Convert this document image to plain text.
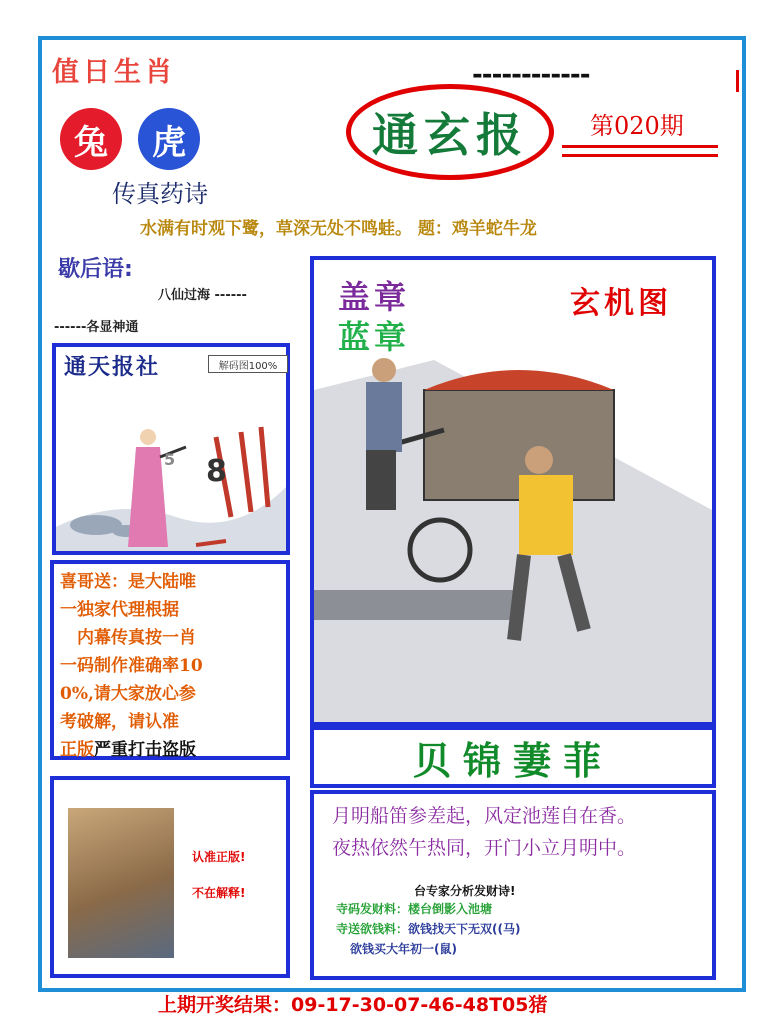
值日生肖	------------
兔	虎
传真药诗
通玄报	第020期
水满有时观下鹭，草深无处不鸣蛙。 题：鸡羊蛇牛龙
歇后语:
八仙过海 ------
------各显神通
通天报社	解码图100%
5 8
喜哥送：是大陆唯
一独家代理根据
　内幕传真按一肖
一码制作准确率10
0%,请大家放心参
考破解，请认准
正版严重打击盗版
认准正版!
不在解释!
盖章
蓝章
玄机图
贝锦萋菲
月明船笛参差起，风定池莲自在香。
夜热依然午热同，开门小立月明中。
台专家分析发财诗!
寺码发财料：楼台倒影入池塘
寺送欲钱料：欲钱找天下无双((马)
欲钱买大年初一(鼠)
上期开奖结果：09-17-30-07-46-48T05猪
